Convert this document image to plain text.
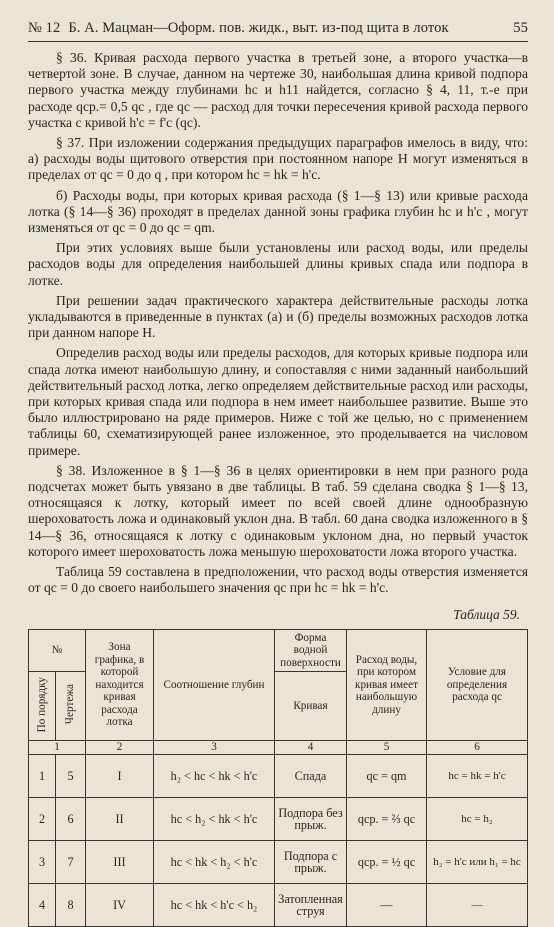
№ 12 Б. А. Мацман—Оформ. пов. жидк., выт. из-под щита в лоток	55

§ 36. Кривая расхода первого участка в третьей зоне, а второго участка—в четвертой зоне. В случае, данном на чертеже 30, наибольшая длина кривой подпора первого участка между глубинами hс и h11 найдется, согласно § 4, 11, т.-е при расходе qср.= 0,5 qс , где qс — расход для точки пересечения кривой расхода первого участка с кривой h'с = f'с (qс).

§ 37. При изложении содержания предыдущих параграфов имелось в виду, что: а) расходы воды щитового отверстия при постоянном напоре H могут изменяться в пределах от qс = 0 до q , при котором hс = hk = h'с.

б) Расходы воды, при которых кривая расхода (§ 1—§ 13) или кривые расхода лотка (§ 14—§ 36) проходят в пределах данной зоны графика глубин hс и h'с , могут изменяться от qс = 0 до qс = qm.

При этих условиях выше были установлены или расход воды, или пределы расходов воды для определения наибольшей длины кривых спада или подпора в лотке.

При решении задач практического характера действительные расходы лотка укладываются в приведенные в пунктах (а) и (б) пределы возможных расходов лотка при данном напоре H.

Определив расход воды или пределы расходов, для которых кривые подпора или спада лотка имеют наибольшую длину, и сопоставляя с ними заданный наибольший действительный расход лотка, легко определяем действительные расход или расходы, при которых кривая спада или подпора в нем имеет наибольшее развитие. Выше это было иллюстрировано на ряде примеров. Ниже с той же целью, но с применением таблицы 60, схематизирующей ранее изложенное, это проделывается на числовом примере.

§ 38. Изложенное в § 1—§ 36 в целях ориентировки в нем при разного рода подсчетах может быть увязано в две таблицы. В таб. 59 сделана сводка § 1—§ 13, относящаяся к лотку, который имеет по всей своей длине однообразную шероховатость ложа и одинаковый уклон дна. В табл. 60 дана сводка изложенного в § 14—§ 36, относящаяся к лотку с одинаковым уклоном дна, но первый участок которого имеет шероховатость ложа меньшую шероховатости ложа второго участка.

Таблица 59 составлена в предположении, что расход воды отверстия изменяется от qс = 0 до своего наибольшего значения qс при hс = hk = h'с.

Таблица 59.
№		Зона графика, в которой находится кривая расхода лотка	Соотношение глубин	Форма водной поверхности	Расход воды, при котором кривая имеет наибольшую длину	Условие для определения расхода qс
По порядку	Чертежа			Кривая		
1		2	3	4	5	6
1	5	I	h₂ < hс < hk < h'с	Спада	qс = qm	hс = hk = h'с
2	6	II	hс < h₂ < hk < h'с	Подпора без прыж.	qср. = ⅔ qс	hс = h₂
3	7	III	hс < hk < h₂ < h'с	Подпора с прыж.	qср. = ½ qс	h₂ = h'с или h₁ = hс
4	8	IV	hс < hk < h'с < h₂	Затопленная струя	—	—
